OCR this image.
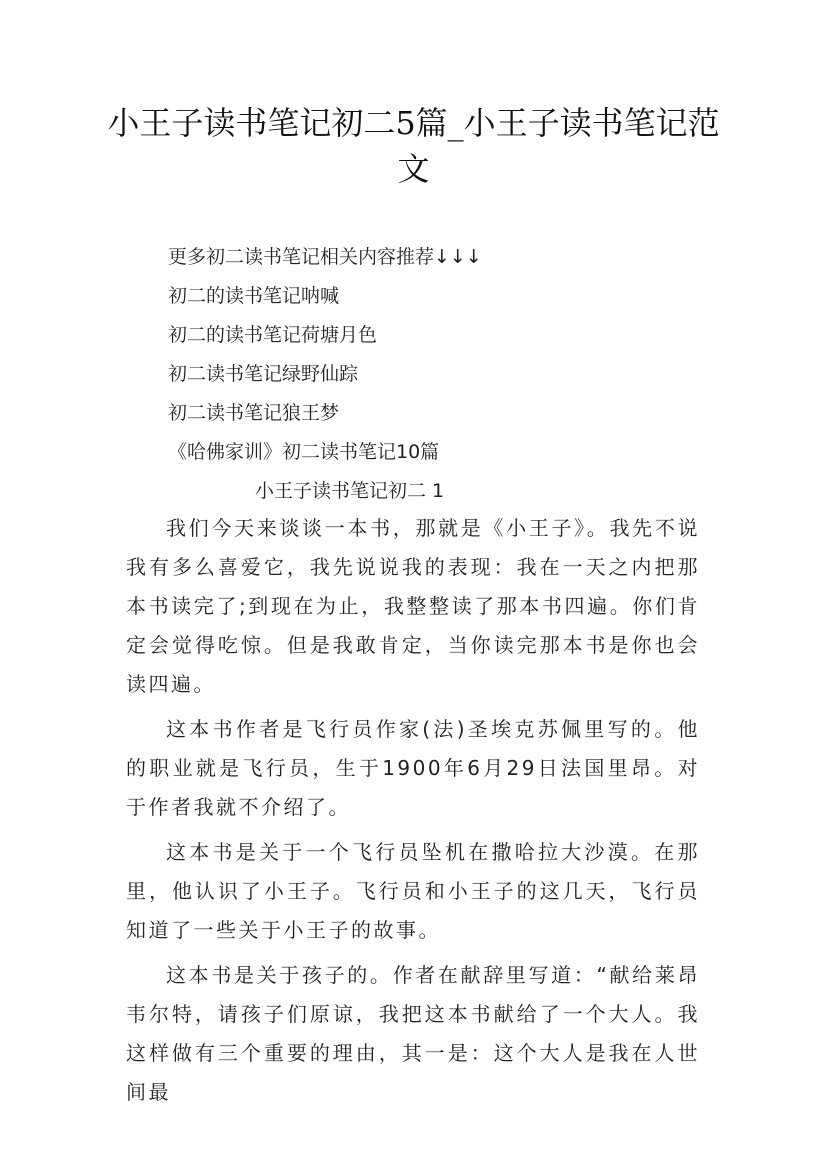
小王子读书笔记初二5篇_小王子读书笔记范文
更多初二读书笔记相关内容推荐↓↓↓
初二的读书笔记呐喊
初二的读书笔记荷塘月色
初二读书笔记绿野仙踪
初二读书笔记狼王梦
《哈佛家训》初二读书笔记10篇
小王子读书笔记初二 1

我们今天来谈谈一本书，那就是《小王子》。我先不说我有多么喜爱它，我先说说我的表现：我在一天之内把那本书读完了;到现在为止，我整整读了那本书四遍。你们肯定会觉得吃惊。但是我敢肯定，当你读完那本书是你也会读四遍。

这本书作者是飞行员作家(法)圣埃克苏佩里写的。他的职业就是飞行员，生于1900年6月29日法国里昂。对于作者我就不介绍了。

这本书是关于一个飞行员坠机在撒哈拉大沙漠。在那里，他认识了小王子。飞行员和小王子的这几天，飞行员知道了一些关于小王子的故事。

这本书是关于孩子的。作者在献辞里写道：“献给莱昂韦尔特，请孩子们原谅，我把这本书献给了一个大人。我这样做有三个重要的理由，其一是：这个大人是我在人世间最
